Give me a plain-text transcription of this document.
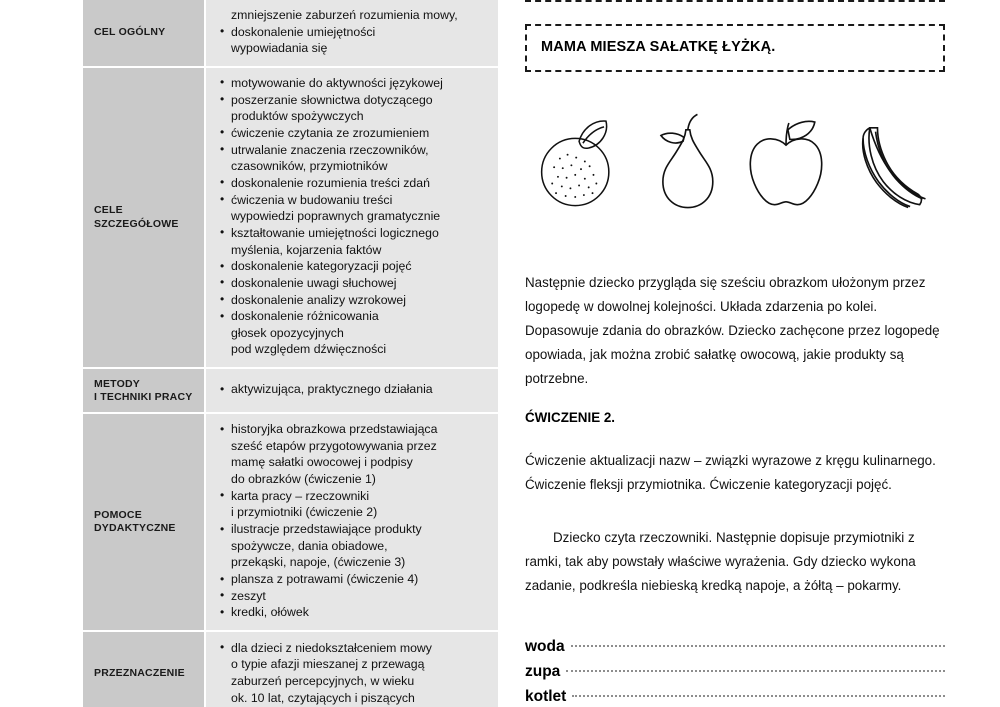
CEL OGÓLNY	
zmniejszenie zaburzeń rozumienia mowy,
• doskonalenie umiejętności
wypowiadania się

CELE
SZCZEGÓŁOWE	
• motywowanie do aktywności językowej
• poszerzanie słownictwa dotyczącego
produktów spożywczych
• ćwiczenie czytania ze zrozumieniem
• utrwalanie znaczenia rzeczowników,
czasowników, przymiotników
• doskonalenie rozumienia treści zdań
• ćwiczenia w budowaniu treści
wypowiedzi poprawnych gramatycznie
• kształtowanie umiejętności logicznego
myślenia, kojarzenia faktów
• doskonalenie kategoryzacji pojęć
• doskonalenie uwagi słuchowej
• doskonalenie analizy wzrokowej
• doskonalenie różnicowania
głosek opozycyjnych
pod względem dźwięczności

METODY
I TECHNIKI PRACY	
• aktywizująca, praktycznego działania

POMOCE
DYDAKTYCZNE	
• historyjka obrazkowa przedstawiająca
sześć etapów przygotowywania przez
mamę sałatki owocowej i podpisy
do obrazków (ćwiczenie 1)
• karta pracy – rzeczowniki
i przymiotniki (ćwiczenie 2)
• ilustracje przedstawiające produkty
spożywcze, dania obiadowe,
przekąski, napoje, (ćwiczenie 3)
• plansza z potrawami (ćwiczenie 4)
• zeszyt
• kredki, ołówek

PRZEZNACZENIE	
• dla dzieci z niedokształceniem mowy
o typie afazji mieszanej z przewagą
zaburzeń percepcyjnych, w wieku
ok. 10 lat, czytających i piszących
MAMA MIESZA SAŁATKĘ ŁYŻKĄ.

Następnie dziecko przygląda się sześciu obrazkom ułożonym przez logopedę w dowolnej kolejności. Układa zdarzenia po kolei. Dopasowuje zdania do obrazków. Dziecko zachęcone przez logopedę opowiada, jak można zrobić sałatkę owocową, jakie produkty są potrzebne.

ĆWICZENIE 2.

Ćwiczenie aktualizacji nazw – związki wyrazowe z kręgu kulinarnego. Ćwiczenie fleksji przymiotnika. Ćwiczenie kategoryzacji pojęć.

Dziecko czyta rzeczowniki. Następnie dopisuje przymiotniki z ramki, tak aby powstały właściwe wyrażenia. Gdy dziecko wykona zadanie, podkreśla niebieską kredką napoje, a żółtą – pokarmy.

woda
zupa
kotlet
